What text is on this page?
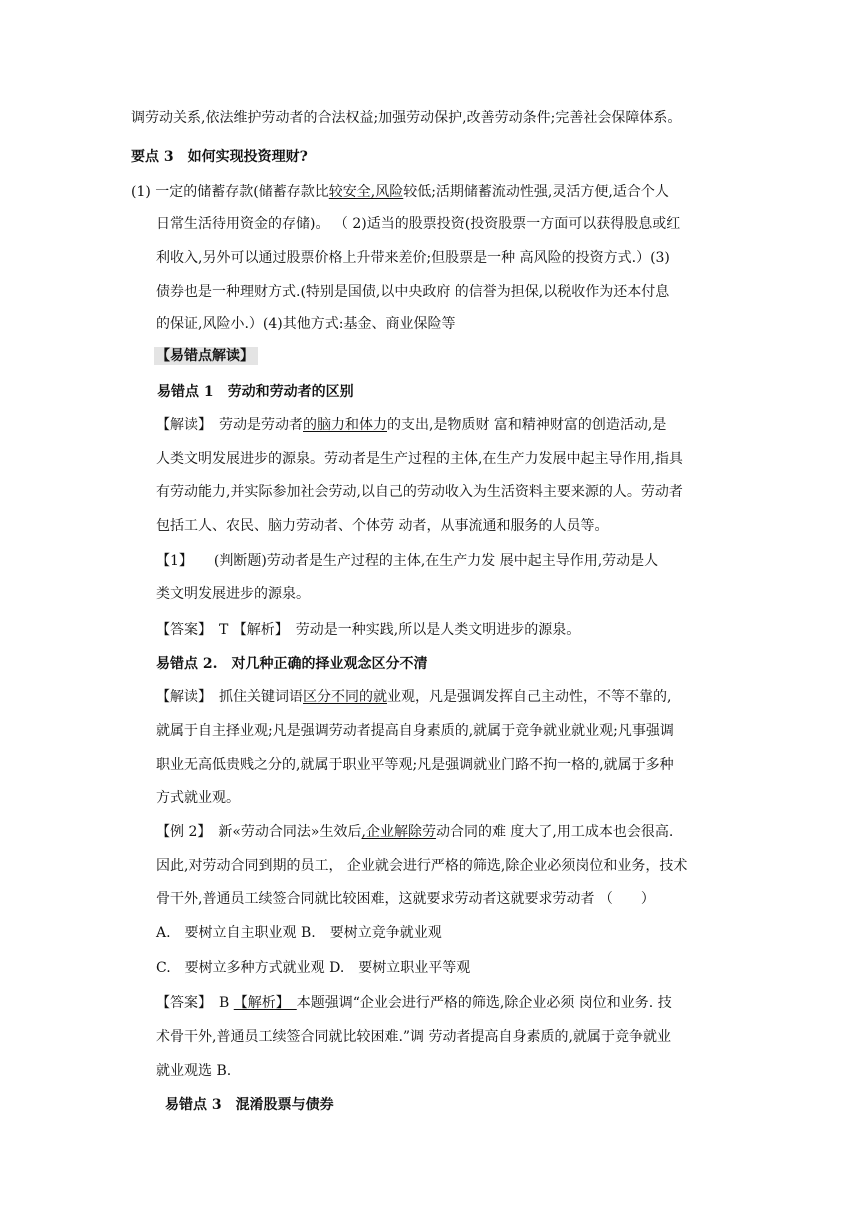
调劳动关系,依法维护劳动者的合法权益;加强劳动保护,改善劳动条件;完善社会保障体系。
要点 3　如何实现投资理财?
(1) 一定的储蓄存款(储蓄存款比较安全,风险较低;活期储蓄流动性强,灵活方便,适合个人
日常生活待用资金的存储)。 （ 2)适当的股票投资(投资股票一方面可以获得股息或红
利收入,另外可以通过股票价格上升带来差价;但股票是一种 高风险的投资方式.）(3)
债券也是一种理财方式.(特别是国债,以中央政府 的信誉为担保,以税收作为还本付息
的保证,风险小.）(4)其他方式:基金、商业保险等
【易错点解读】
易错点 1　劳动和劳动者的区别
【解读】　劳动是劳动者的脑力和体力的支出,是物质财 富和精神财富的创造活动,是
人类文明发展进步的源泉。劳动者是生产过程的主体,在生产力发展中起主导作用,指具
有劳动能力,并实际参加社会劳动,以自己的劳动收入为生活资料主要来源的人。劳动者
包括工人、农民、脑力劳动者、个体劳 动者，从事流通和服务的人员等。
【1】　　(判断题)劳动者是生产过程的主体,在生产力发 展中起主导作用,劳动是人
类文明发展进步的源泉。
【答案】　T 【解析】　劳动是一种实践,所以是人类文明进步的源泉。
易错点 2.　对几种正确的择业观念区分不清
【解读】　抓住关键词语区分不同的就业观，凡是强调发挥自己主动性，不等不靠的,
就属于自主择业观;凡是强调劳动者提高自身素质的,就属于竞争就业就业观;凡事强调
职业无高低贵贱之分的,就属于职业平等观;凡是强调就业门路不拘一格的,就属于多种
方式就业观。
【例 2】　新«劳动合同法»生效后,企业解除劳动合同的难 度大了,用工成本也会很高.
因此,对劳动合同到期的员工， 企业就会进行严格的筛选,除企业必须岗位和业务，技术
骨干外,普通员工续签合同就比较困难，这就要求劳动者这就要求劳动者 （　　）
A.　要树立自主职业观 B.　要树立竞争就业观
C.　要树立多种方式就业观 D.　要树立职业平等观
【答案】　B 【解析】　本题强调“企业会进行严格的筛选,除企业必须 岗位和业务. 技
术骨干外,普通员工续签合同就比较困难.”调 劳动者提高自身素质的,就属于竞争就业
就业观选 B.
易错点 3　混淆股票与债券
